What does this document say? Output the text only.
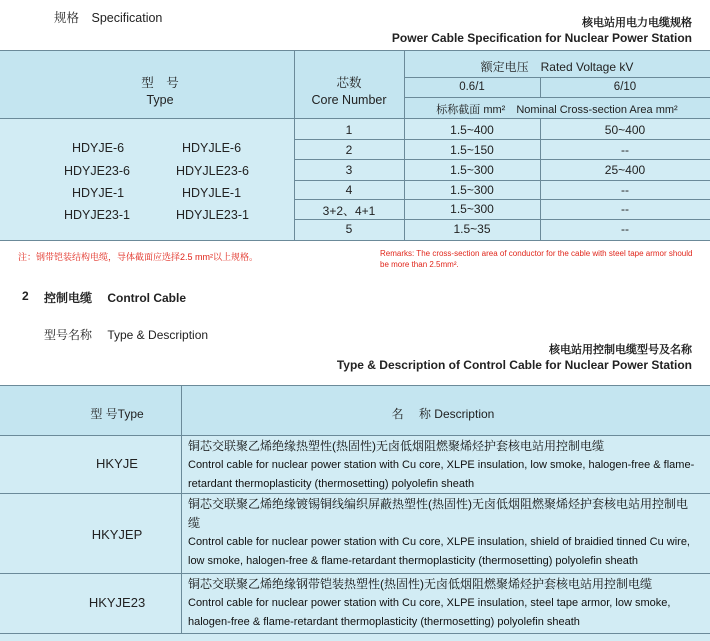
规格　Specification	核电站用电力电缆规格
Power Cable Specification for Nuclear Power Station
型　号
Type
芯数
Core Number
额定电压　Rated Voltage kV
0.6/1	6/10
标称截面 mm²　Nominal Cross-section Area mm²
HDYJE-6	HDYJLE-6
HDYJE23-6	HDYJLE23-6
HDYJE-1	HDYJLE-1
HDYJE23-1	HDYJLE23-1
1	1.5~400	50~400
2	1.5~150	--
3	1.5~300	25~400
4	1.5~300	--
3+2、4+1	1.5~300	--
5	1.5~35	--
注：钢带铠装结构电缆，导体截面应选择2.5 mm²以上规格。	Remarks: The cross-section area of conductor for the cable with steel tape armor should be more than 2.5mm².
2 控制电缆　 Control Cable
型号名称　 Type & Description
核电站用控制电缆型号及名称
Type & Description of Control Cable for Nuclear Power Station
型 号Type	名　 称 Description
HKYJE
铜芯交联聚乙烯绝缘热塑性(热固性)无卤低烟阻燃聚烯烃护套核电站用控制电缆
Control cable for nuclear power station with Cu core, XLPE insulation, low smoke, halogen-free & flame-retardant thermoplasticity (thermosetting) polyolefin sheath
HKYJEP
铜芯交联聚乙烯绝缘镀锡铜线编织屏蔽热塑性(热固性)无卤低烟阻燃聚烯烃护套核电站用控制电缆
Control cable for nuclear power station with Cu core, XLPE insulation, shield of braidied tinned Cu wire, low smoke, halogen-free & flame-retardant thermoplasticity (thermosetting) polyolefin sheath
HKYJE23
铜芯交联聚乙烯绝缘钢带铠装热塑性(热固性)无卤低烟阻燃聚烯烃护套核电站用控制电缆
Control cable for nuclear power station with Cu core, XLPE insulation, steel tape armor, low smoke, halogen-free & flame-retardant thermoplasticity (thermosetting) polyolefin sheath
